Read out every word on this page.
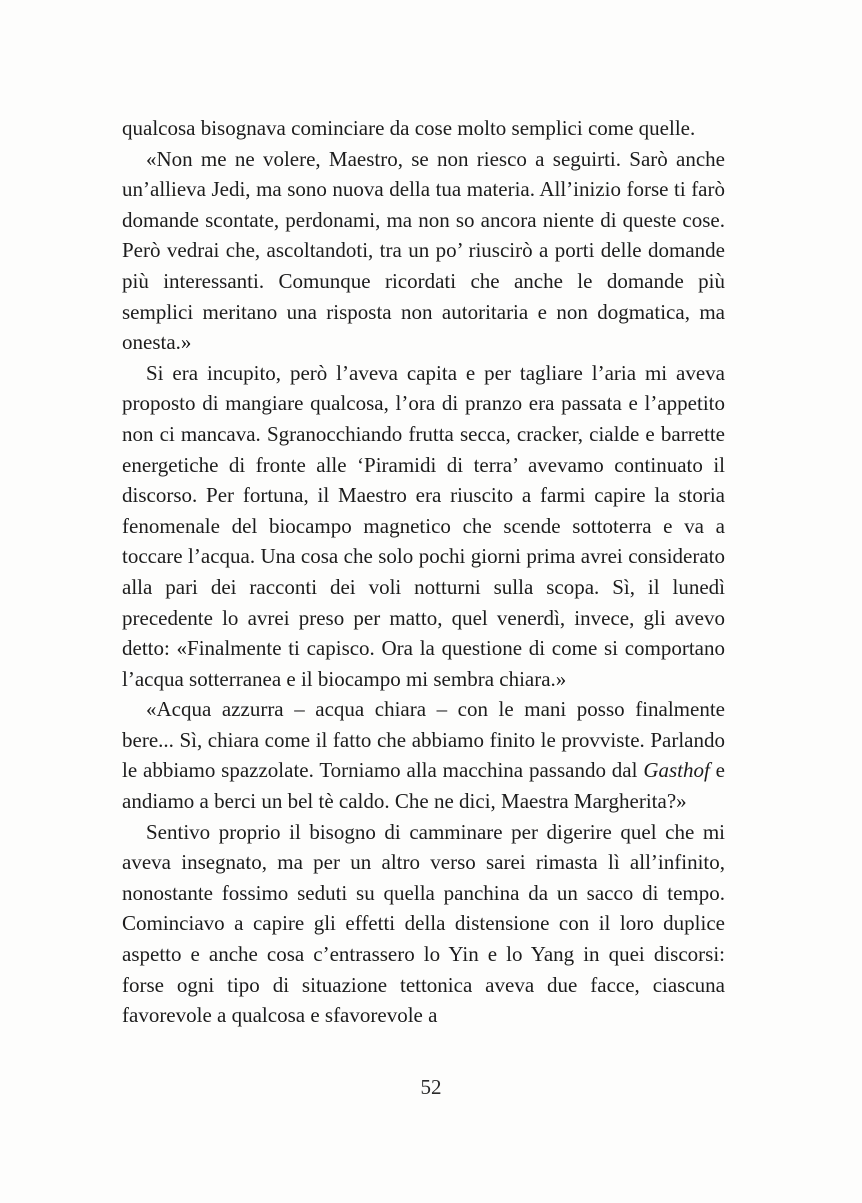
qualcosa bisognava cominciare da cose molto semplici come quelle.

«Non me ne volere, Maestro, se non riesco a seguirti. Sarò anche un’allieva Jedi, ma sono nuova della tua materia. All’inizio forse ti farò domande scontate, perdonami, ma non so ancora niente di queste cose. Però vedrai che, ascoltandoti, tra un po’ riuscirò a porti delle domande più interessanti. Comunque ricordati che anche le domande più semplici meritano una risposta non autoritaria e non dogmatica, ma onesta.»

Si era incupito, però l’aveva capita e per tagliare l’aria mi aveva proposto di mangiare qualcosa, l’ora di pranzo era passata e l’appetito non ci mancava. Sgranocchiando frutta secca, cracker, cialde e barrette energetiche di fronte alle ‘Piramidi di terra’ avevamo continuato il discorso. Per fortuna, il Maestro era riuscito a farmi capire la storia fenomenale del biocampo magnetico che scende sottoterra e va a toccare l’acqua. Una cosa che solo pochi giorni prima avrei considerato alla pari dei racconti dei voli notturni sulla scopa. Sì, il lunedì precedente lo avrei preso per matto, quel venerdì, invece, gli avevo detto: «Finalmente ti capisco. Ora la questione di come si comportano l’acqua sotterranea e il biocampo mi sembra chiara.»

«Acqua azzurra – acqua chiara – con le mani posso finalmente bere... Sì, chiara come il fatto che abbiamo finito le provviste. Parlando le abbiamo spazzolate. Torniamo alla macchina passando dal Gasthof e andiamo a berci un bel tè caldo. Che ne dici, Maestra Margherita?»

Sentivo proprio il bisogno di camminare per digerire quel che mi aveva insegnato, ma per un altro verso sarei rimasta lì all’infinito, nonostante fossimo seduti su quella panchina da un sacco di tempo. Cominciavo a capire gli effetti della distensione con il loro duplice aspetto e anche cosa c’entrassero lo Yin e lo Yang in quei discorsi: forse ogni tipo di situazione tettonica aveva due facce, ciascuna favorevole a qualcosa e sfavorevole a

52
